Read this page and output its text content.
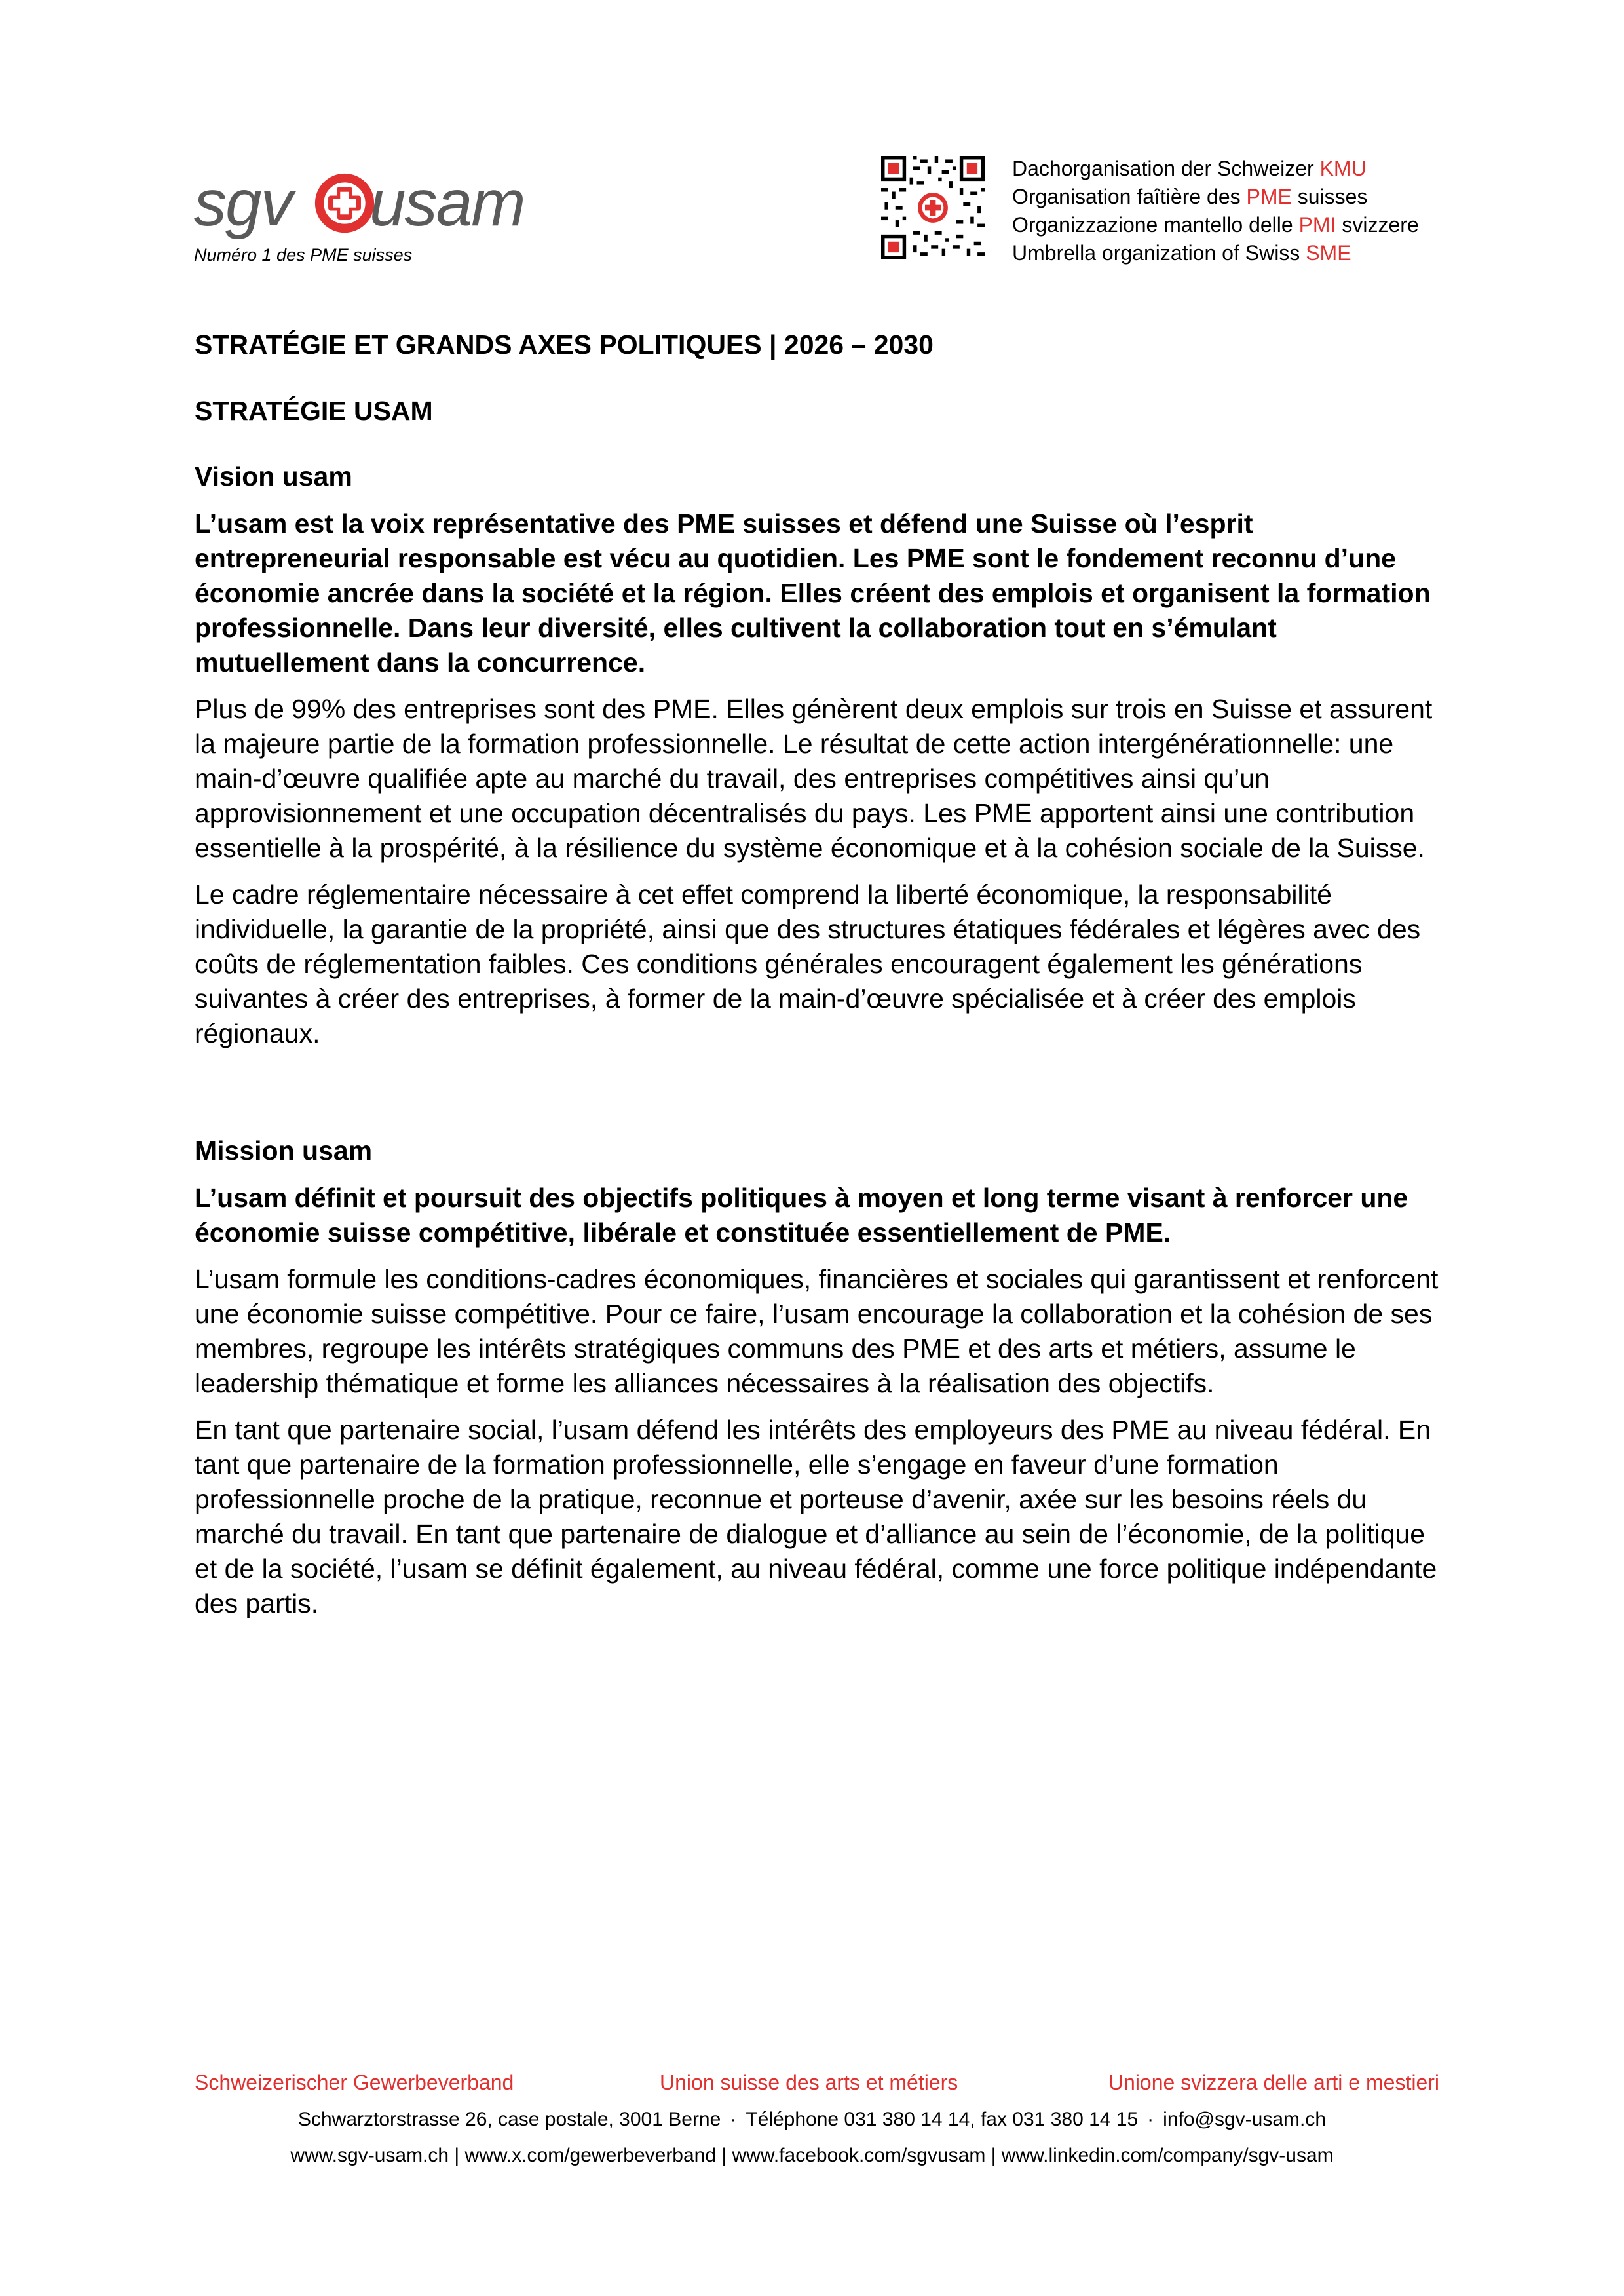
sgv usam
Numéro 1 des PME suisses
Dachorganisation der Schweizer KMU
Organisation faîtière des PME suisses
Organizzazione mantello delle PMI svizzere
Umbrella organization of Swiss SME
STRATÉGIE ET GRANDS AXES POLITIQUES | 2026 – 2030
STRATÉGIE USAM
Vision usam

L’usam est la voix représentative des PME suisses et défend une Suisse où l’esprit entrepreneurial responsable est vécu au quotidien. Les PME sont le fondement reconnu d’une économie ancrée dans la société et la région. Elles créent des emplois et organisent la formation professionnelle. Dans leur diversité, elles cultivent la collaboration tout en s’émulant mutuellement dans la concurrence.

Plus de 99% des entreprises sont des PME. Elles génèrent deux emplois sur trois en Suisse et assurent la majeure partie de la formation professionnelle. Le résultat de cette action intergénérationnelle: une main-d’œuvre qualifiée apte au marché du travail, des entreprises compétitives ainsi qu’un approvisionnement et une occupation décentralisés du pays. Les PME apportent ainsi une contribution essentielle à la prospérité, à la résilience du système économique et à la cohésion sociale de la Suisse.

Le cadre réglementaire nécessaire à cet effet comprend la liberté économique, la responsabilité individuelle, la garantie de la propriété, ainsi que des structures étatiques fédérales et légères avec des coûts de réglementation faibles. Ces conditions générales encouragent également les générations suivantes à créer des entreprises, à former de la main-d’œuvre spécialisée et à créer des emplois régionaux.

Mission usam

L’usam définit et poursuit des objectifs politiques à moyen et long terme visant à renforcer une économie suisse compétitive, libérale et constituée essentiellement de PME.

L’usam formule les conditions-cadres économiques, financières et sociales qui garantissent et renforcent une économie suisse compétitive. Pour ce faire, l’usam encourage la collaboration et la cohésion de ses membres, regroupe les intérêts stratégiques communs des PME et des arts et métiers, assume le leadership thématique et forme les alliances nécessaires à la réalisation des objectifs.

En tant que partenaire social, l’usam défend les intérêts des employeurs des PME au niveau fédéral. En tant que partenaire de la formation professionnelle, elle s’engage en faveur d’une formation professionnelle proche de la pratique, reconnue et porteuse d’avenir, axée sur les besoins réels du marché du travail. En tant que partenaire de dialogue et d’alliance au sein de l’économie, de la politique et de la société, l’usam se définit également, au niveau fédéral, comme une force politique indépendante des partis.

Schweizerischer Gewerbeverband	Union suisse des arts et métiers	Unione svizzera delle arti e mestieri
Schwarztorstrasse 26, case postale, 3001 Berne · Téléphone 031 380 14 14, fax 031 380 14 15 · info@sgv-usam.ch
www.sgv-usam.ch | www.x.com/gewerbeverband | www.facebook.com/sgvusam | www.linkedin.com/company/sgv-usam
